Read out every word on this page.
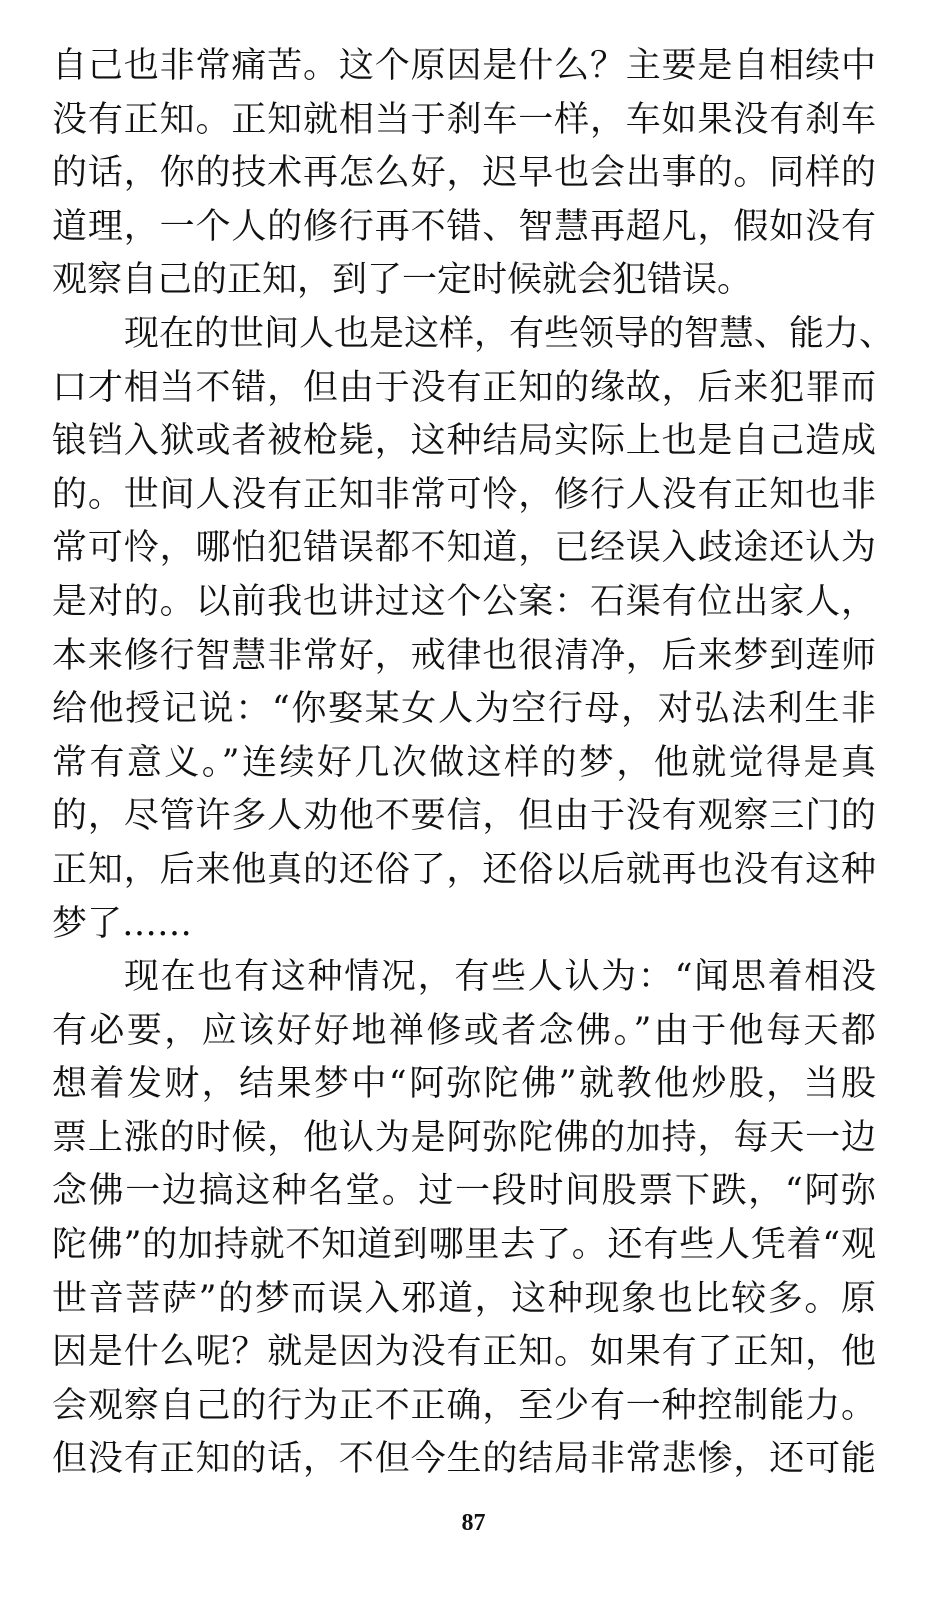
自己也非常痛苦。这个原因是什么？主要是自相续中
没有正知。正知就相当于刹车一样，车如果没有刹车
的话，你的技术再怎么好，迟早也会出事的。同样的
道理，一个人的修行再不错、智慧再超凡，假如没有
观察自己的正知，到了一定时候就会犯错误。
现在的世间人也是这样，有些领导的智慧、能力、
口才相当不错，但由于没有正知的缘故，后来犯罪而
锒铛入狱或者被枪毙，这种结局实际上也是自己造成
的。世间人没有正知非常可怜，修行人没有正知也非
常可怜，哪怕犯错误都不知道，已经误入歧途还认为
是对的。以前我也讲过这个公案：石渠有位出家人，
本来修行智慧非常好，戒律也很清净，后来梦到莲师
给他授记说：“你娶某女人为空行母，对弘法利生非
常有意义。”连续好几次做这样的梦，他就觉得是真
的，尽管许多人劝他不要信，但由于没有观察三门的
正知，后来他真的还俗了，还俗以后就再也没有这种
梦了……
现在也有这种情况，有些人认为：“闻思着相没
有必要，应该好好地禅修或者念佛。”由于他每天都
想着发财，结果梦中“阿弥陀佛”就教他炒股，当股
票上涨的时候，他认为是阿弥陀佛的加持，每天一边
念佛一边搞这种名堂。过一段时间股票下跌，“阿弥
陀佛”的加持就不知道到哪里去了。还有些人凭着“观
世音菩萨”的梦而误入邪道，这种现象也比较多。原
因是什么呢？就是因为没有正知。如果有了正知，他
会观察自己的行为正不正确，至少有一种控制能力。
但没有正知的话，不但今生的结局非常悲惨，还可能
87
